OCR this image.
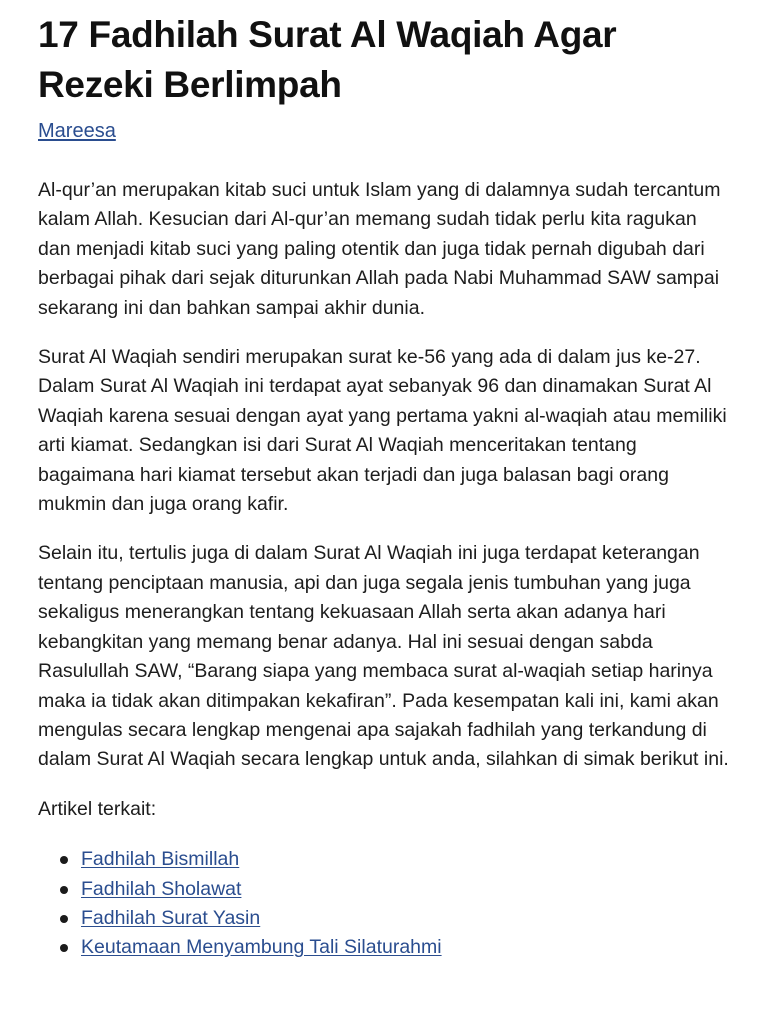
17 Fadhilah Surat Al Waqiah Agar Rezeki Berlimpah
Mareesa

Al-qur’an merupakan kitab suci untuk Islam yang di dalamnya sudah tercantum kalam Allah. Kesucian dari Al-qur’an memang sudah tidak perlu kita ragukan dan menjadi kitab suci yang paling otentik dan juga tidak pernah digubah dari berbagai pihak dari sejak diturunkan Allah pada Nabi Muhammad SAW sampai sekarang ini dan bahkan sampai akhir dunia.

Surat Al Waqiah sendiri merupakan surat ke-56 yang ada di dalam jus ke-27. Dalam Surat Al Waqiah ini terdapat ayat sebanyak 96 dan dinamakan Surat Al Waqiah karena sesuai dengan ayat yang pertama yakni al-waqiah atau memiliki arti kiamat. Sedangkan isi dari Surat Al Waqiah menceritakan tentang bagaimana hari kiamat tersebut akan terjadi dan juga balasan bagi orang mukmin dan juga orang kafir.

Selain itu, tertulis juga di dalam Surat Al Waqiah ini juga terdapat keterangan tentang penciptaan manusia, api dan juga segala jenis tumbuhan yang juga sekaligus menerangkan tentang kekuasaan Allah serta akan adanya hari kebangkitan yang memang benar adanya. Hal ini sesuai dengan sabda Rasulullah SAW, “Barang siapa yang membaca surat al-waqiah setiap harinya maka ia tidak akan ditimpakan kekafiran”. Pada kesempatan kali ini, kami akan mengulas secara lengkap mengenai apa sajakah fadhilah yang terkandung di dalam Surat Al Waqiah secara lengkap untuk anda, silahkan di simak berikut ini.

Artikel terkait:

Fadhilah Bismillah
Fadhilah Sholawat
Fadhilah Surat Yasin
Keutamaan Menyambung Tali Silaturahmi
